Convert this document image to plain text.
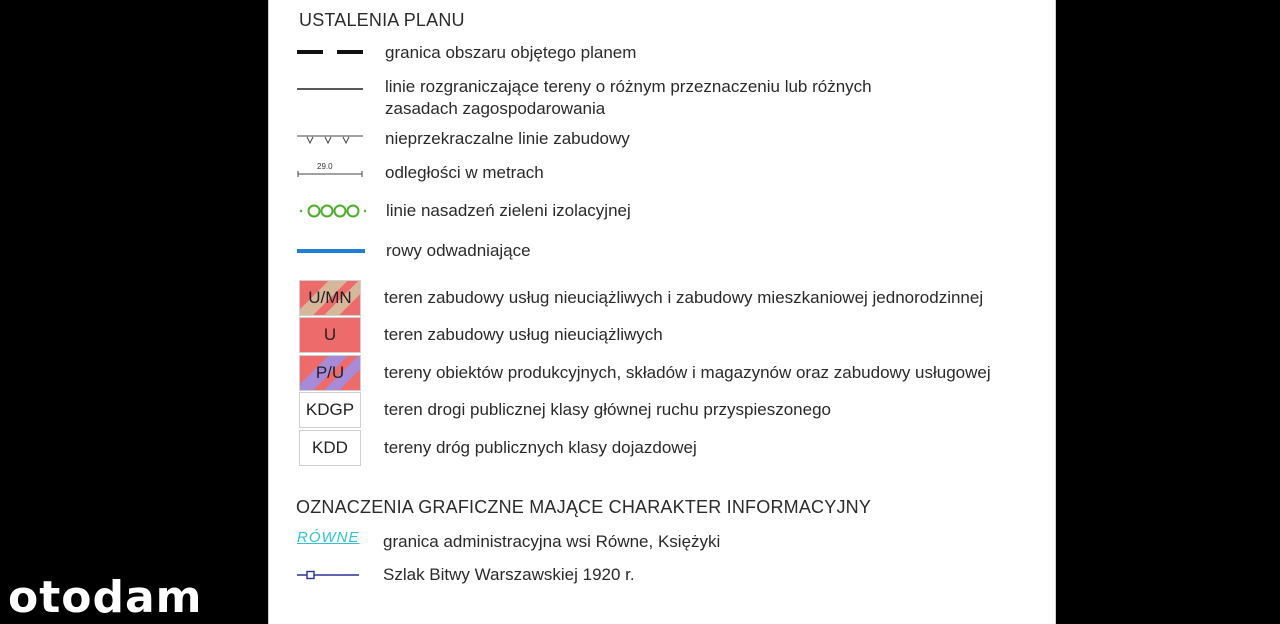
USTALENIA PLANU
granica obszaru objętego planem
linie rozgraniczające tereny o różnym przeznaczeniu lub różnych
zasadach zagospodarowania
nieprzekraczalne linie zabudowy
29.0	odległości w metrach
linie nasadzeń zieleni izolacyjnej
rowy odwadniające
U/MN	teren zabudowy usług nieuciążliwych i zabudowy mieszkaniowej jednorodzinnej
U	teren zabudowy usług nieuciążliwych
P/U	tereny obiektów produkcyjnych, składów i magazynów oraz zabudowy usługowej
KDGP	teren drogi publicznej klasy głównej ruchu przyspieszonego
KDD	tereny dróg publicznych klasy dojazdowej
OZNACZENIA GRAFICZNE MAJĄCE CHARAKTER INFORMACYJNY
RÓWNE granica administracyjna wsi Równe, Księżyki
Szlak Bitwy Warszawskiej 1920 r.
otodam
